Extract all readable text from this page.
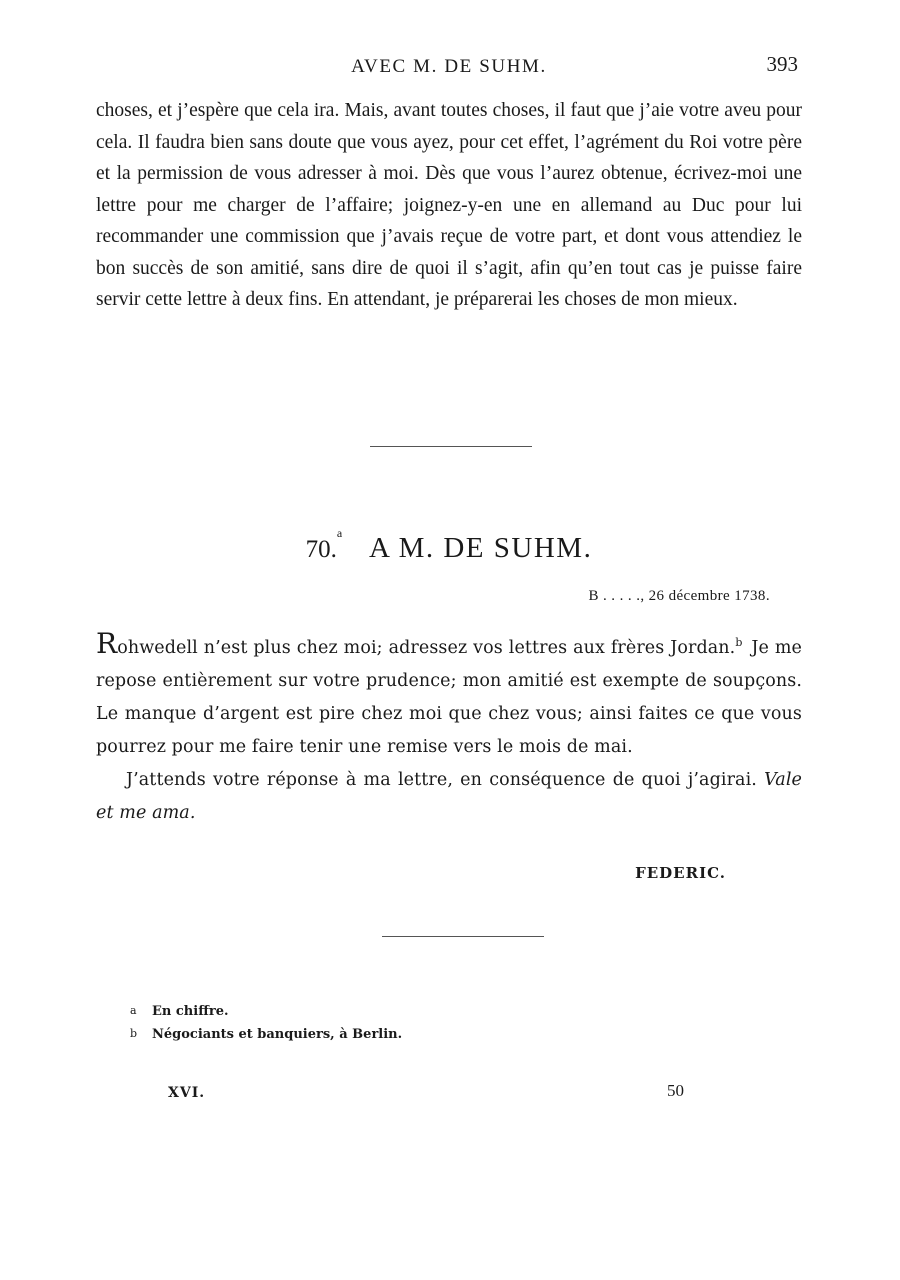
AVEC M. DE SUHM.	393

choses, et j’espère que cela ira. Mais, avant toutes choses, il faut que j’aie votre aveu pour cela. Il faudra bien sans doute que vous ayez, pour cet effet, l’agrément du Roi votre père et la permission de vous adresser à moi. Dès que vous l’aurez obtenue, écrivez-moi une lettre pour me charger de l’affaire; joignez-y-en une en allemand au Duc pour lui recommander une commission que j’avais reçue de votre part, et dont vous attendiez le bon succès de son amitié, sans dire de quoi il s’agit, afin qu’en tout cas je puisse faire servir cette lettre à deux fins. En attendant, je préparerai les choses de mon mieux.

70.$^a$ A M. DE SUHM.
B . . . . ., 26 décembre 1738.

Rohwedell n’est plus chez moi; adressez vos lettres aux frères Jordan.$^b$ Je me repose entièrement sur votre prudence; mon amitié est exempte de soupçons. Le manque d’argent est pire chez moi que chez vous; ainsi faites ce que vous pourrez pour me faire tenir une remise vers le mois de mai.

J’attends votre réponse à ma lettre, en conséquence de quoi j’agirai. Vale et me ama.

FEDERIC.
a En chiffre.
b Négociants et banquiers, à Berlin.
XVI.	50
